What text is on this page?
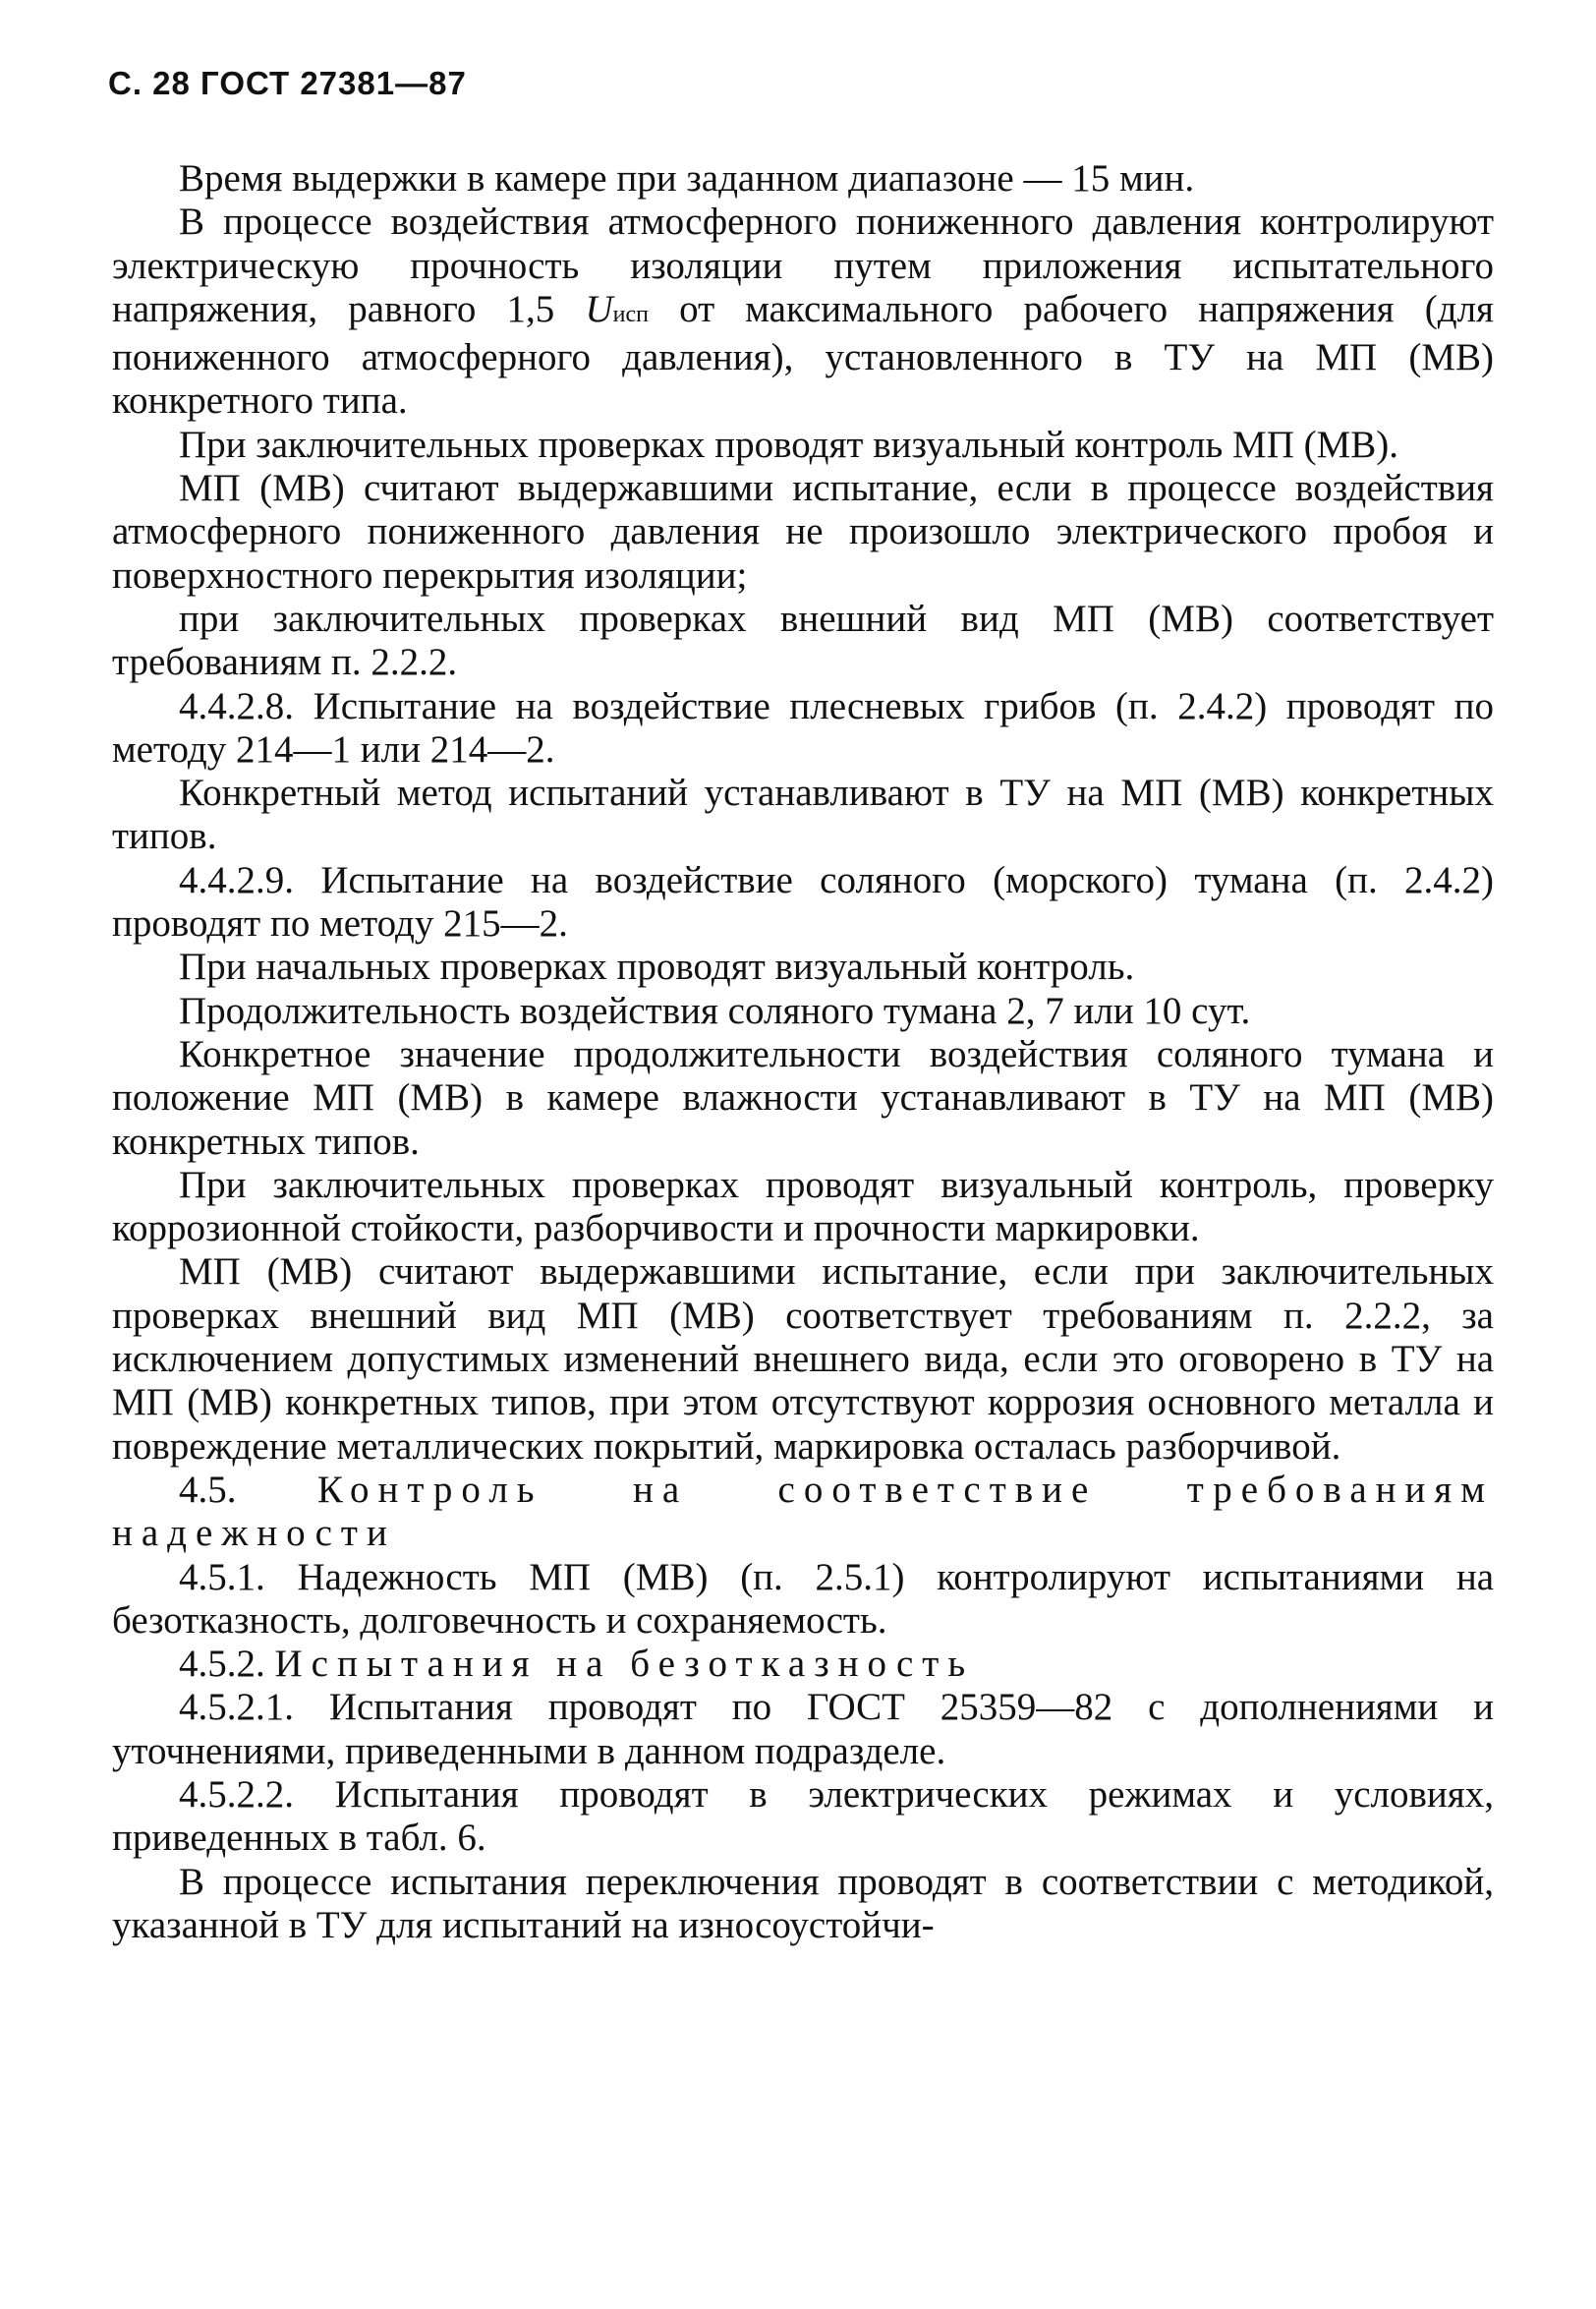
С. 28 ГОСТ 27381—87

Время выдержки в камере при заданном диапазоне — 15 мин.

В процессе воздействия атмосферного пониженного давления контролируют электрическую прочность изоляции путем приложения испытательного напряжения, равного 1,5 Uисп от максимального рабочего напряжения (для пониженного атмосферного давления), установленного в ТУ на МП (МВ) конкретного типа.

При заключительных проверках проводят визуальный контроль МП (МВ).

МП (МВ) считают выдержавшими испытание, если в процессе воздействия атмосферного пониженного давления не произошло электрического пробоя и поверхностного перекрытия изоляции;

при заключительных проверках внешний вид МП (МВ) соответствует требованиям п. 2.2.2.

4.4.2.8. Испытание на воздействие плесневых грибов (п. 2.4.2) проводят по методу 214—1 или 214—2.

Конкретный метод испытаний устанавливают в ТУ на МП (МВ) конкретных типов.

4.4.2.9. Испытание на воздействие соляного (морского) тумана (п. 2.4.2) проводят по методу 215—2.

При начальных проверках проводят визуальный контроль.

Продолжительность воздействия соляного тумана 2, 7 или 10 сут.

Конкретное значение продолжительности воздействия соляного тумана и положение МП (МВ) в камере влажности устанавливают в ТУ на МП (МВ) конкретных типов.

При заключительных проверках проводят визуальный контроль, проверку коррозионной стойкости, разборчивости и прочности маркировки.

МП (МВ) считают выдержавшими испытание, если при заключительных проверках внешний вид МП (МВ) соответствует требованиям п. 2.2.2, за исключением допустимых изменений внешнего вида, если это оговорено в ТУ на МП (МВ) конкретных типов, при этом отсутствуют коррозия основного металла и повреждение металлических покрытий, маркировка осталась разборчивой.

4.5. Контроль на соответствие требованиям надежности

4.5.1. Надежность МП (МВ) (п. 2.5.1) контролируют испытаниями на безотказность, долговечность и сохраняемость.

4.5.2. Испытания на безотказность

4.5.2.1. Испытания проводят по ГОСТ 25359—82 с дополнениями и уточнениями, приведенными в данном подразделе.

4.5.2.2. Испытания проводят в электрических режимах и условиях, приведенных в табл. 6.

В процессе испытания переключения проводят в соответствии с методикой, указанной в ТУ для испытаний на износоустойчи-
